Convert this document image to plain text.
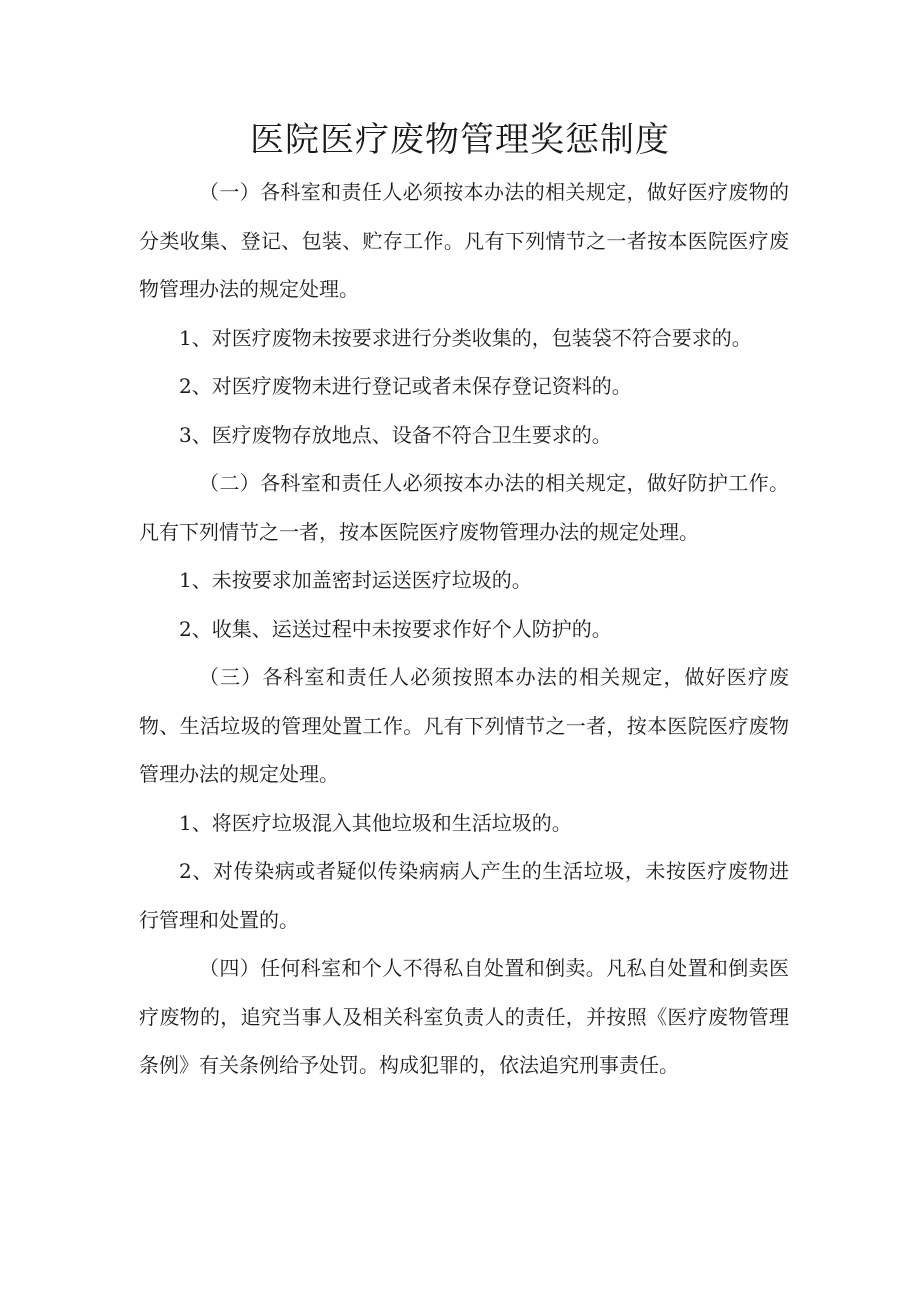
医院医疗废物管理奖惩制度

（一）各科室和责任人必须按本办法的相关规定，做好医疗废物的分类收集、登记、包装、贮存工作。凡有下列情节之一者按本医院医疗废物管理办法的规定处理。

1、对医疗废物未按要求进行分类收集的，包装袋不符合要求的。

2、对医疗废物未进行登记或者未保存登记资料的。

3、医疗废物存放地点、设备不符合卫生要求的。

（二）各科室和责任人必须按本办法的相关规定，做好防护工作。凡有下列情节之一者，按本医院医疗废物管理办法的规定处理。

1、未按要求加盖密封运送医疗垃圾的。

2、收集、运送过程中未按要求作好个人防护的。

（三）各科室和责任人必须按照本办法的相关规定，做好医疗废物、生活垃圾的管理处置工作。凡有下列情节之一者，按本医院医疗废物管理办法的规定处理。

1、将医疗垃圾混入其他垃圾和生活垃圾的。

2、对传染病或者疑似传染病病人产生的生活垃圾，未按医疗废物进行管理和处置的。

（四）任何科室和个人不得私自处置和倒卖。凡私自处置和倒卖医疗废物的，追究当事人及相关科室负责人的责任，并按照《医疗废物管理条例》有关条例给予处罚。构成犯罪的，依法追究刑事责任。
